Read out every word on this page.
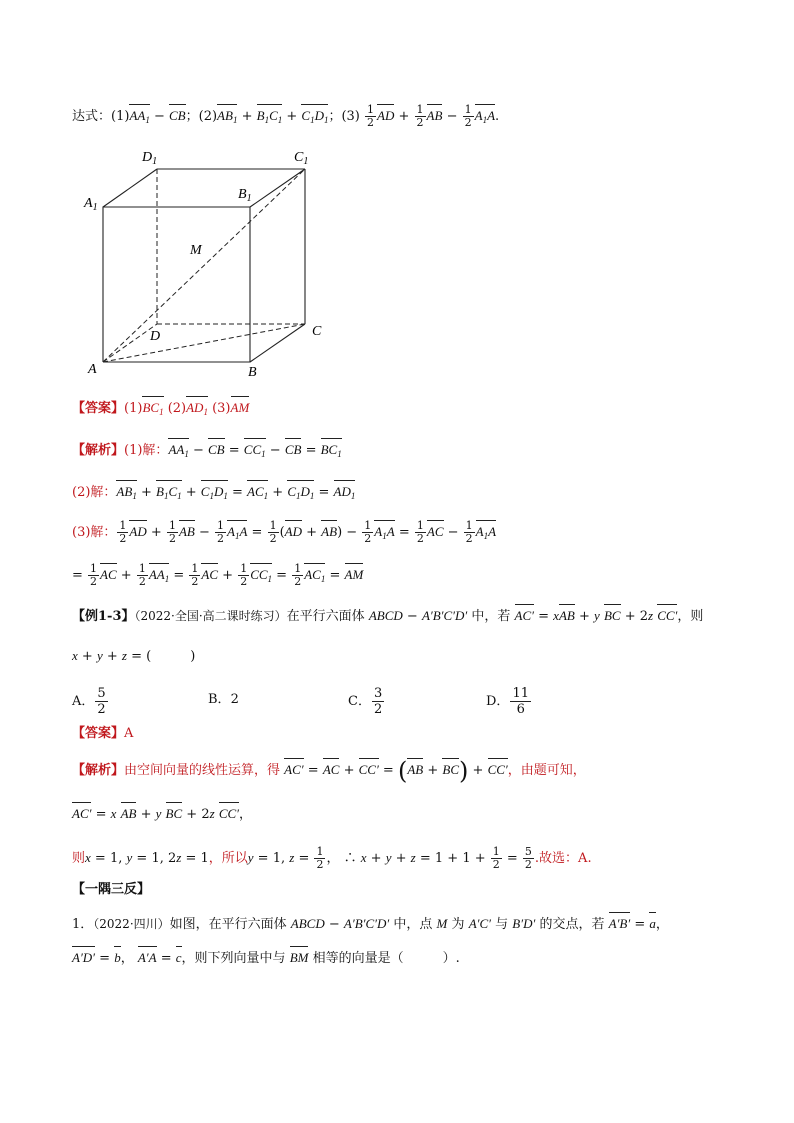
达式：$(1)AA_1$ − CB；$(2)AB_1 + B_1C_1 + C_1D_1$；$(3) \frac{1}{2}$ AD + $\frac{1}{2}$ AB − $\frac{1}{2} A_1A$.
$D_1$	$C_1$
$A_1$
$B_1$
M
D	C
A	B
【答案】$(1)BC_1$ $(2)AD_1$ (3)AM
【解析】(1)解：$AA_1$ − CB = $CC_1$ − CB = $BC_1$
(2)解：$AB_1 + B_1C_1 + C_1D_1 = AC_1 + C_1D_1 = AD_1$
(3)解： $\frac{1}{2}$ AD + $\frac{1}{2}$ AB − $\frac{1}{2} A_1A = \frac{1}{2} (AD + AB) - \frac{1}{2} A_1A = \frac{1}{2}$ AC − $\frac{1}{2} A_1A$
= $\frac{1}{2}$ AC + $\frac{1}{2} AA_1 = \frac{1}{2}$ AC + $\frac{1}{2} CC_1 = \frac{1}{2} AC_1$ = AM
【例1-3】（2022·全国·高二课时练习）在平行六面体 ABCD − A′B′C′D′ 中，若 AC′ = xAB + y BC + 2z CC′，则
x + y + z = (　　　)
A． $\frac{5}{2}$	B．2	C． $\frac{3}{2}$	D． $\frac{11}{6}$
【答案】A
【解析】由空间向量的线性运算，得 AC′ = AC + CC′ = (AB + BC) + CC′，由题可知，
AC′ = x AB + y BC + 2z CC′，
则x = 1, y = 1, 2z = 1，所以y = 1, $z = \frac{1}{2}$ ， ∴ $x + y + z = 1 + 1 + \frac{1}{2} = \frac{5}{2}$ .故选：A.
【一隅三反】
1．（2022·四川）如图，在平行六面体 ABCD − A′B′C′D′ 中，点 M 为 A′C′ 与 B′D′ 的交点，若 A′B′ = a，
A′D′ = b， A′A = c，则下列向量中与 BM 相等的向量是（　　　）.
